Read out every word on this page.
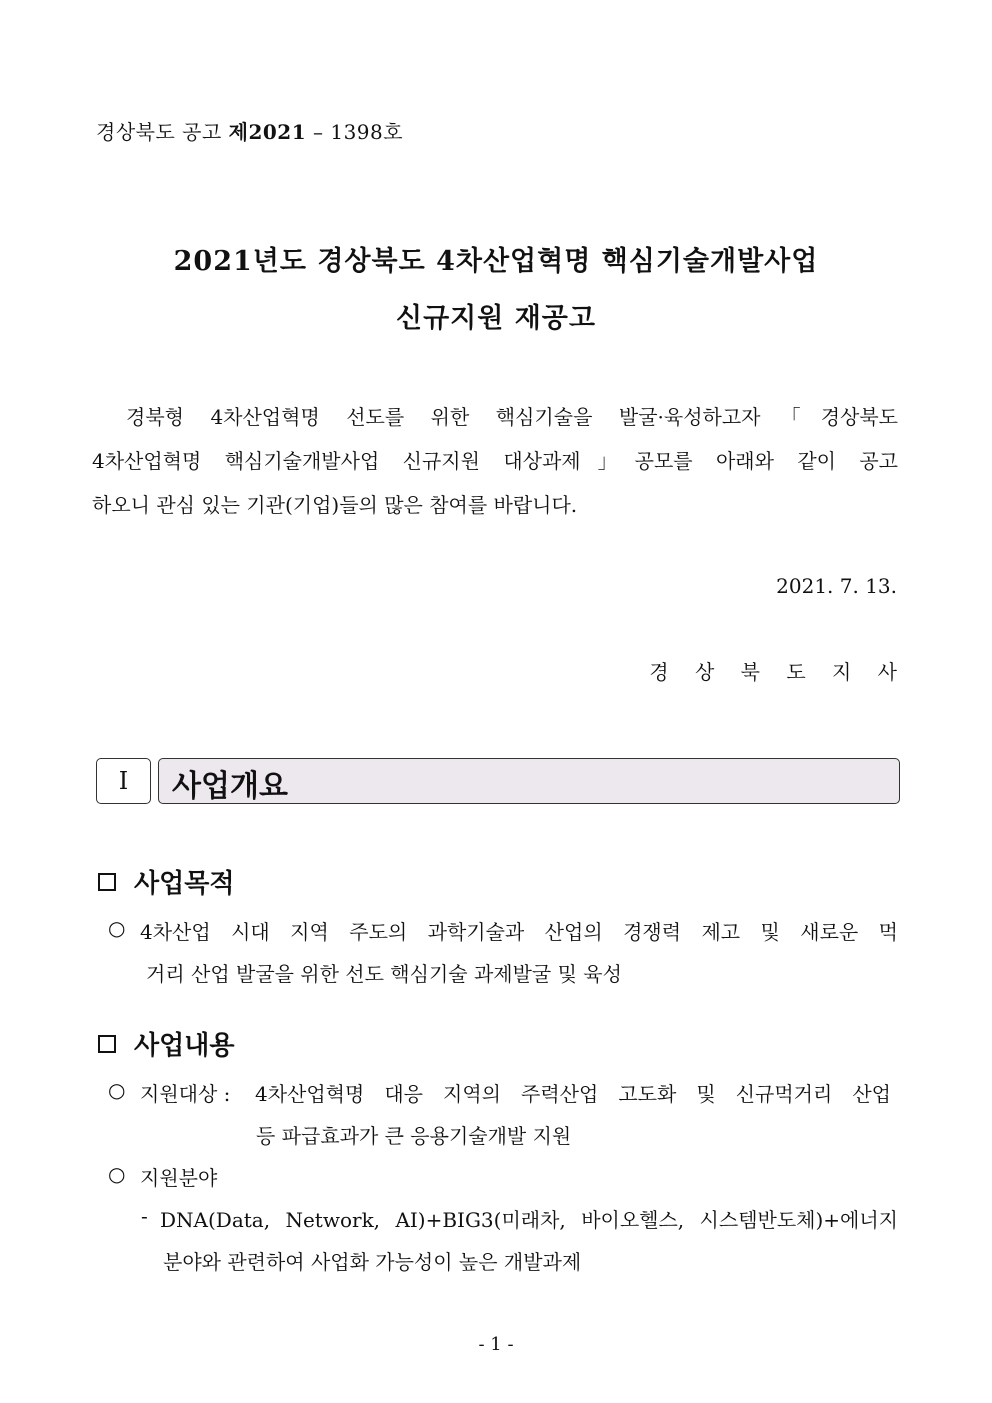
경상북도 공고 제2021 – 1398호
2021년도 경상북도 4차산업혁명 핵심기술개발사업
신규지원 재공고
경북형 4차산업혁명 선도를 위한 핵심기술을 발굴·육성하고자「경상북도
4차산업혁명 핵심기술개발사업 신규지원 대상과제」공모를 아래와 같이 공고
하오니 관심 있는 기관(기업)들의 많은 참여를 바랍니다.
2021. 7. 13.
경 상 북 도 지 사
Ⅰ	사업개요
사업목적
○ 4차산업 시대 지역 주도의 과학기술과 산업의 경쟁력 제고 및 새로운 먹
거리 산업 발굴을 위한 선도 핵심기술 과제발굴 및 육성
사업내용
○ 지원대상 : 4차산업혁명 대응 지역의 주력산업 고도화 및 신규먹거리 산업
등 파급효과가 큰 응용기술개발 지원
○ 지원분야
- DNA(Data, Network, AI)+BIG3(미래차, 바이오헬스, 시스템반도체)+에너지
분야와 관련하여 사업화 가능성이 높은 개발과제
- 1 -
